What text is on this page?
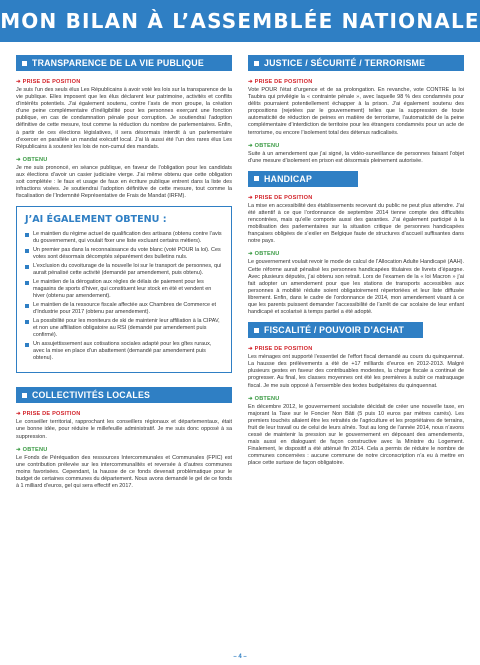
MON BILAN À L’ASSEMBLÉE NATIONALE
TRANSPARENCE DE LA VIE PUBLIQUE
➜ PRISE DE POSITION

Je suis l’un des seuls élus Les Républicains à avoir voté les lois sur la transparence de la vie publique. Elles imposent que les élus déclarent leur patrimoine, activités et conflits d’intérêts potentiels. J’ai également soutenu, contre l’avis de mon groupe, la création d’une peine complémentaire d’inéligibilité pour les personnes exerçant une fonction publique, en cas de condamnation pénale pour corruption. Je soutiendrai l’adoption définitive de cette mesure, tout comme la réduction du nombre de parlementaires. Enfin, à partir de ces élections législatives, il sera désormais interdit à un parlementaire d’exercer en parallèle un mandat exécutif local. J’ai là aussi été l’un des rares élus Les Républicains à soutenir les lois de non-cumul des mandats.

➜ OBTENU

Je me suis prononcé, en séance publique, en faveur de l’obligation pour les candidats aux élections d’avoir un casier judiciaire vierge. J’ai même obtenu que cette obligation soit complétée : le faux et usage de faux en écriture publique entrent dans la liste des infractions visées. Je soutiendrai l’adoption définitive de cette mesure, tout comme la fiscalisation de l’Indemnité Représentative de Frais de Mandat (IRFM).

J’AI ÉGALEMENT OBTENU :
Le maintien du régime actuel de qualification des artisans (obtenu contre l’avis du gouvernement, qui voulait fixer une liste excluant certains métiers).
Un premier pas dans la reconnaissance du vote blanc (voté POUR la loi). Ces votes sont désormais décomptés séparément des bulletins nuls.
L’exclusion du covoiturage de la nouvelle loi sur le transport de personnes, qui aurait pénalisé cette activité (demandé par amendement, puis obtenu).
Le maintien de la dérogation aux règles de délais de paiement pour les magasins de sports d’hiver, qui constituent leur stock en été et vendent en hiver (obtenu par amendement).
Le maintien de la ressource fiscale affectée aux Chambres de Commerce et d’Industrie pour 2017 (obtenu par amendement).
La possibilité pour les moniteurs de ski de maintenir leur affiliation à la CIPAV, et non une affiliation obligatoire au RSI (demandé par amendement puis confirmé).
Un assujettissement aux cotisations sociales adapté pour les gîtes ruraux, avec la mise en place d’un abattement (demandé par amendement puis obtenu).
COLLECTIVITÉS LOCALES
➜ PRISE DE POSITION

Le conseiller territorial, rapprochant les conseillers régionaux et départementaux, était une bonne idée, pour réduire le millefeuille administratif. Je me suis donc opposé à sa suppression.

➜ OBTENU

Le Fonds de Péréquation des ressources Intercommunales et Communales (FPIC) est une contribution prélevée sur les intercommunalités et reversée à d’autres communes moins favorisées. Cependant, la hausse de ce fonds devenait problématique pour le budget de certaines communes du département. Nous avons demandé le gel de ce fonds à 1 milliard d’euros, gel qui sera effectif en 2017.

JUSTICE / SÉCURITÉ / TERRORISME
➜ PRISE DE POSITION

Vote POUR l’état d’urgence et de sa prolongation. En revanche, vote CONTRE la loi Taubira qui privilégie la « contrainte pénale », avec laquelle 98 % des condamnés pour délits pourraient potentiellement échapper à la prison. J’ai également soutenu des propositions (rejetées par le gouvernement) telles que la suppression de toute automaticité de réduction de peines en matière de terrorisme, l’automaticité de la peine complémentaire d’interdiction de territoire pour les étrangers condamnés pour un acte de terrorisme, ou encore l’isolement total des détenus radicalisés.

➜ OBTENU

Suite à un amendement que j’ai signé, la vidéo-surveillance de personnes faisant l’objet d’une mesure d’isolement en prison est désormais pleinement autorisée.

HANDICAP
➜ PRISE DE POSITION

La mise en accessibilité des établissements recevant du public ne peut plus attendre. J’ai été attentif à ce que l’ordonnance de septembre 2014 tienne compte des difficultés rencontrées, mais qu’elle comporte aussi des garanties. J’ai également participé à la mobilisation des parlementaires sur la situation critique de personnes handicapées françaises obligées de s’exiler en Belgique faute de structures d’accueil suffisantes dans notre pays.

➜ OBTENU

Le gouvernement voulait revoir le mode de calcul de l’Allocation Adulte Handicapé (AAH). Cette réforme aurait pénalisé les personnes handicapées titulaires de livrets d’épargne. Avec plusieurs députés, j’ai obtenu son retrait. Lors de l’examen de la « loi Macron » j’ai fait adopter un amendement pour que les stations de transports accessibles aux personnes à mobilité réduite soient obligatoirement répertoriées et leur liste diffusée librement. Enfin, dans le cadre de l’ordonnance de 2014, mon amendement visant à ce que les parents puissent demander l’accessibilité de l’arrêt de car scolaire de leur enfant handicapé et scolarisé à temps partiel a été adopté.

FISCALITÉ / POUVOIR D’ACHAT
➜ PRISE DE POSITION

Les ménages ont supporté l’essentiel de l’effort fiscal demandé au cours du quinquennat. La hausse des prélèvements a été de +17 milliards d’euros en 2012-2013. Malgré plusieurs gestes en faveur des contribuables modestes, la charge fiscale a continué de progresser. Au final, les classes moyennes ont été les premières à subir ce matraquage fiscal. Je me suis opposé à l’ensemble des textes budgétaires du quinquennat.

➜ OBTENU

En décembre 2012, le gouvernement socialiste décidait de créer une nouvelle taxe, en majorant la Taxe sur le Foncier Non Bâti (5 puis 10 euros par mètres carrés). Les premiers touchés allaient être les retraités de l’agriculture et les propriétaires de terrains, fruit de leur travail ou de celui de leurs aînés. Tout au long de l’année 2014, nous n’avons cessé de maintenir la pression sur le gouvernement en déposant des amendements, mais aussi en dialoguant de façon constructive avec la Ministre du Logement. Finalement, le dispositif a été atténué fin 2014. Cela a permis de réduire le nombre de communes concernées : aucune commune de notre circonscription n’a eu à mettre en place cette surtaxe de façon obligatoire.

– 4 –
